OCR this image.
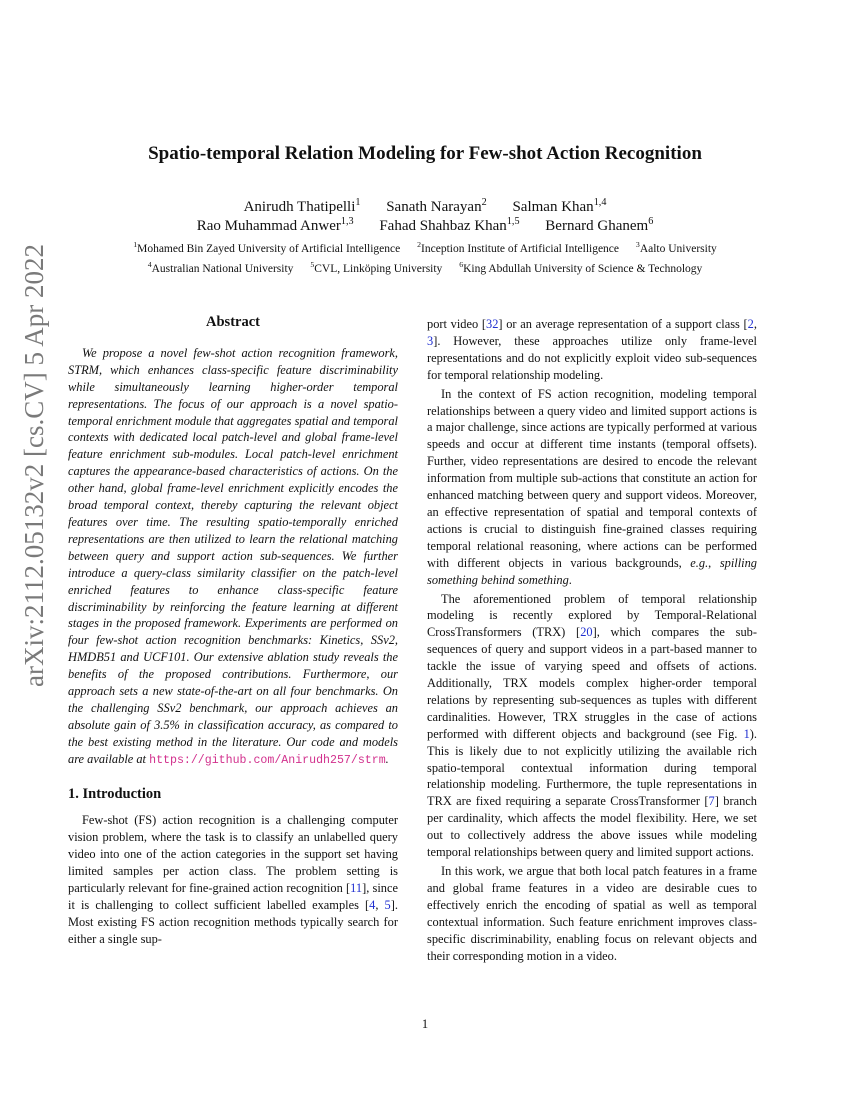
arXiv:2112.05132v2 [cs.CV] 5 Apr 2022
Spatio-temporal Relation Modeling for Few-shot Action Recognition
Anirudh Thatipelli$^1$ Sanath Narayan$^2$ Salman Khan$^{1,4}$
Rao Muhammad Anwer$^{1,3}$ Fahad Shahbaz Khan$^{1,5}$ Bernard Ghanem$^6$
$^1$Mohamed Bin Zayed University of Artificial Intelligence $^2$Inception Institute of Artificial Intelligence $^3$Aalto University
$^4$Australian National University $^5$CVL, Linköping University $^6$King Abdullah University of Science & Technology
Abstract

We propose a novel few-shot action recognition framework, STRM, which enhances class-specific feature discriminability while simultaneously learning higher-order temporal representations. The focus of our approach is a novel spatio-temporal enrichment module that aggregates spatial and temporal contexts with dedicated local patch-level and global frame-level feature enrichment sub-modules. Local patch-level enrichment captures the appearance-based characteristics of actions. On the other hand, global frame-level enrichment explicitly encodes the broad temporal context, thereby capturing the relevant object features over time. The resulting spatio-temporally enriched representations are then utilized to learn the relational matching between query and support action sub-sequences. We further introduce a query-class similarity classifier on the patch-level enriched features to enhance class-specific feature discriminability by reinforcing the feature learning at different stages in the proposed framework. Experiments are performed on four few-shot action recognition benchmarks: Kinetics, SSv2, HMDB51 and UCF101. Our extensive ablation study reveals the benefits of the proposed contributions. Furthermore, our approach sets a new state-of-the-art on all four benchmarks. On the challenging SSv2 benchmark, our approach achieves an absolute gain of 3.5% in classification accuracy, as compared to the best existing method in the literature. Our code and models are available at https://github.com/Anirudh257/strm.

1. Introduction

Few-shot (FS) action recognition is a challenging computer vision problem, where the task is to classify an unlabelled query video into one of the action categories in the support set having limited samples per action class. The problem setting is particularly relevant for fine-grained action recognition [11], since it is challenging to collect sufficient labelled examples [4, 5]. Most existing FS action recognition methods typically search for either a single sup-

port video [32] or an average representation of a support class [2, 3]. However, these approaches utilize only frame-level representations and do not explicitly exploit video sub-sequences for temporal relationship modeling.

In the context of FS action recognition, modeling temporal relationships between a query video and limited support actions is a major challenge, since actions are typically performed at various speeds and occur at different time instants (temporal offsets). Further, video representations are desired to encode the relevant information from multiple sub-actions that constitute an action for enhanced matching between query and support videos. Moreover, an effective representation of spatial and temporal contexts of actions is crucial to distinguish fine-grained classes requiring temporal relational reasoning, where actions can be performed with different objects in various backgrounds, e.g., spilling something behind something.

The aforementioned problem of temporal relationship modeling is recently explored by Temporal-Relational CrossTransformers (TRX) [20], which compares the sub-sequences of query and support videos in a part-based manner to tackle the issue of varying speed and offsets of actions. Additionally, TRX models complex higher-order temporal relations by representing sub-sequences as tuples with different cardinalities. However, TRX struggles in the case of actions performed with different objects and background (see Fig. 1). This is likely due to not explicitly utilizing the available rich spatio-temporal contextual information during temporal relationship modeling. Furthermore, the tuple representations in TRX are fixed requiring a separate CrossTransformer [7] branch per cardinality, which affects the model flexibility. Here, we set out to collectively address the above issues while modeling temporal relationships between query and limited support actions.

In this work, we argue that both local patch features in a frame and global frame features in a video are desirable cues to effectively enrich the encoding of spatial as well as temporal contextual information. Such feature enrichment improves class-specific discriminability, enabling focus on relevant objects and their corresponding motion in a video.

1
